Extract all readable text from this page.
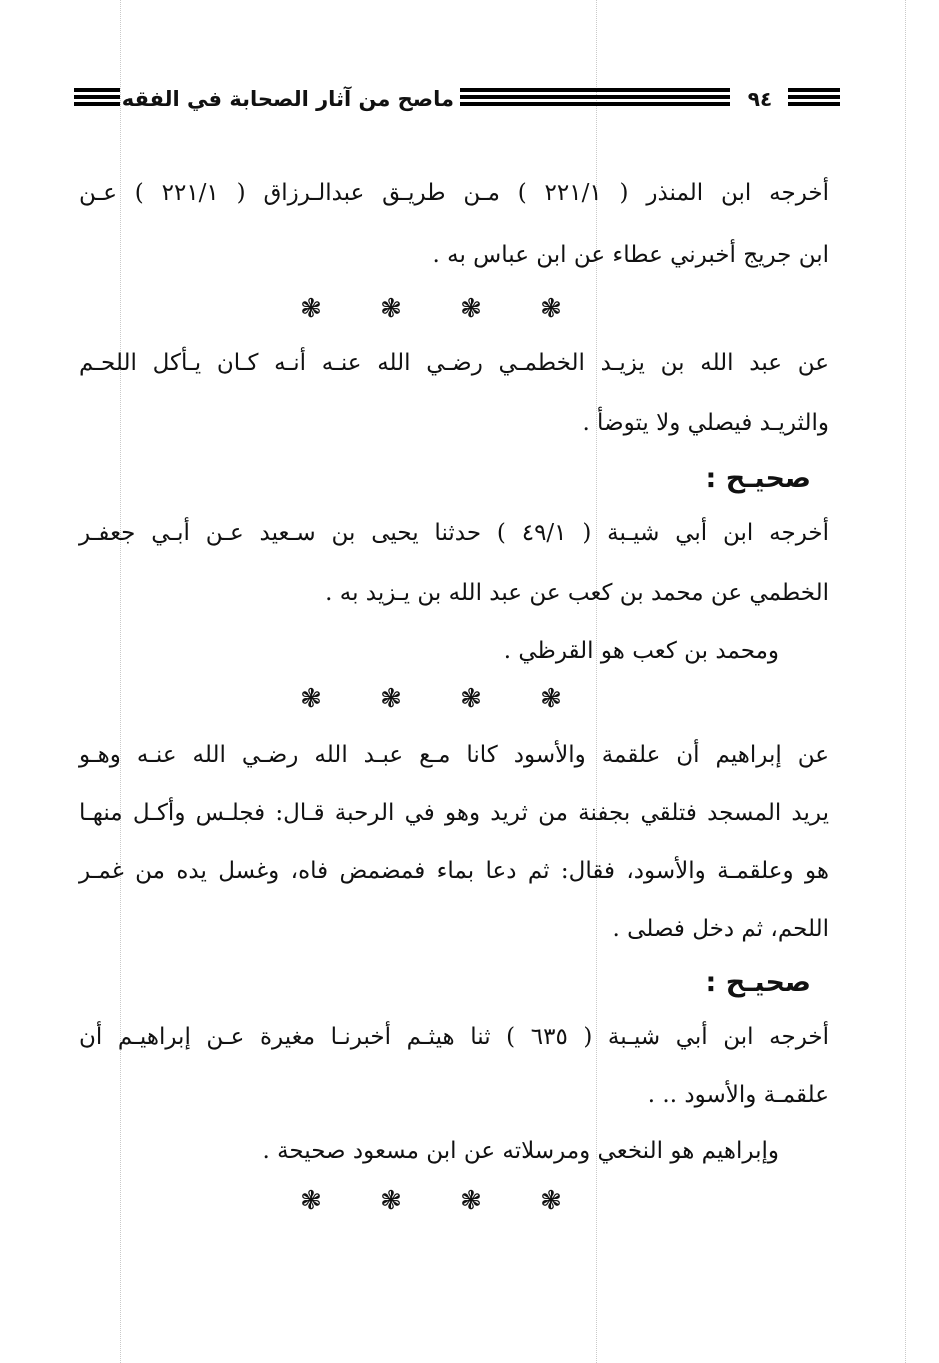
ماصح من آثار الصحابة في الفقه	٩٤
أخرجه ابن المنذر ( ٢٢١/١ ) مـن طريـق عبدالـرزاق ( ٢٢١/١ ) عـن
ابن جريج أخبرني عطاء عن ابن عباس به .
❃ ❃ ❃ ❃
عن عبد الله بن يزيـد الخطمـي رضـي الله عنـه أنـه كـان يـأكل اللحـم
والثريـد فيصلي ولا يتوضأ .
صحيـح :
أخرجه ابن أبي شيـبة ( ٤٩/١ ) حدثنا يحيى بن سـعيد عـن أبـي جعفـر
الخطمي عن محمد بن كعب عن عبد الله بن يـزيد به .
ومحمد بن كعب هو القرظي .
❃ ❃ ❃ ❃
عن إبراهيم أن علقمة والأسود كانا مـع عبـد الله رضـي الله عنـه وهـو
يريد المسجد فتلقي بجفنة من ثريد وهو في الرحبة قـال: فجلـس وأكـل منهـا
هو وعلقمـة والأسود، فقال: ثم دعا بماء فمضمض فاه، وغسل يده من غمـر
اللحم، ثم دخل فصلى .
صحيـح :
أخرجه ابن أبي شيـبة ( ٦٣٥ ) ثنا هيثـم أخبرنـا مغيرة عـن إبراهيـم أن
علقمـة والأسود .. .
وإبراهيم هو النخعي ومرسلاته عن ابن مسعود صحيحة .
❃ ❃ ❃ ❃
